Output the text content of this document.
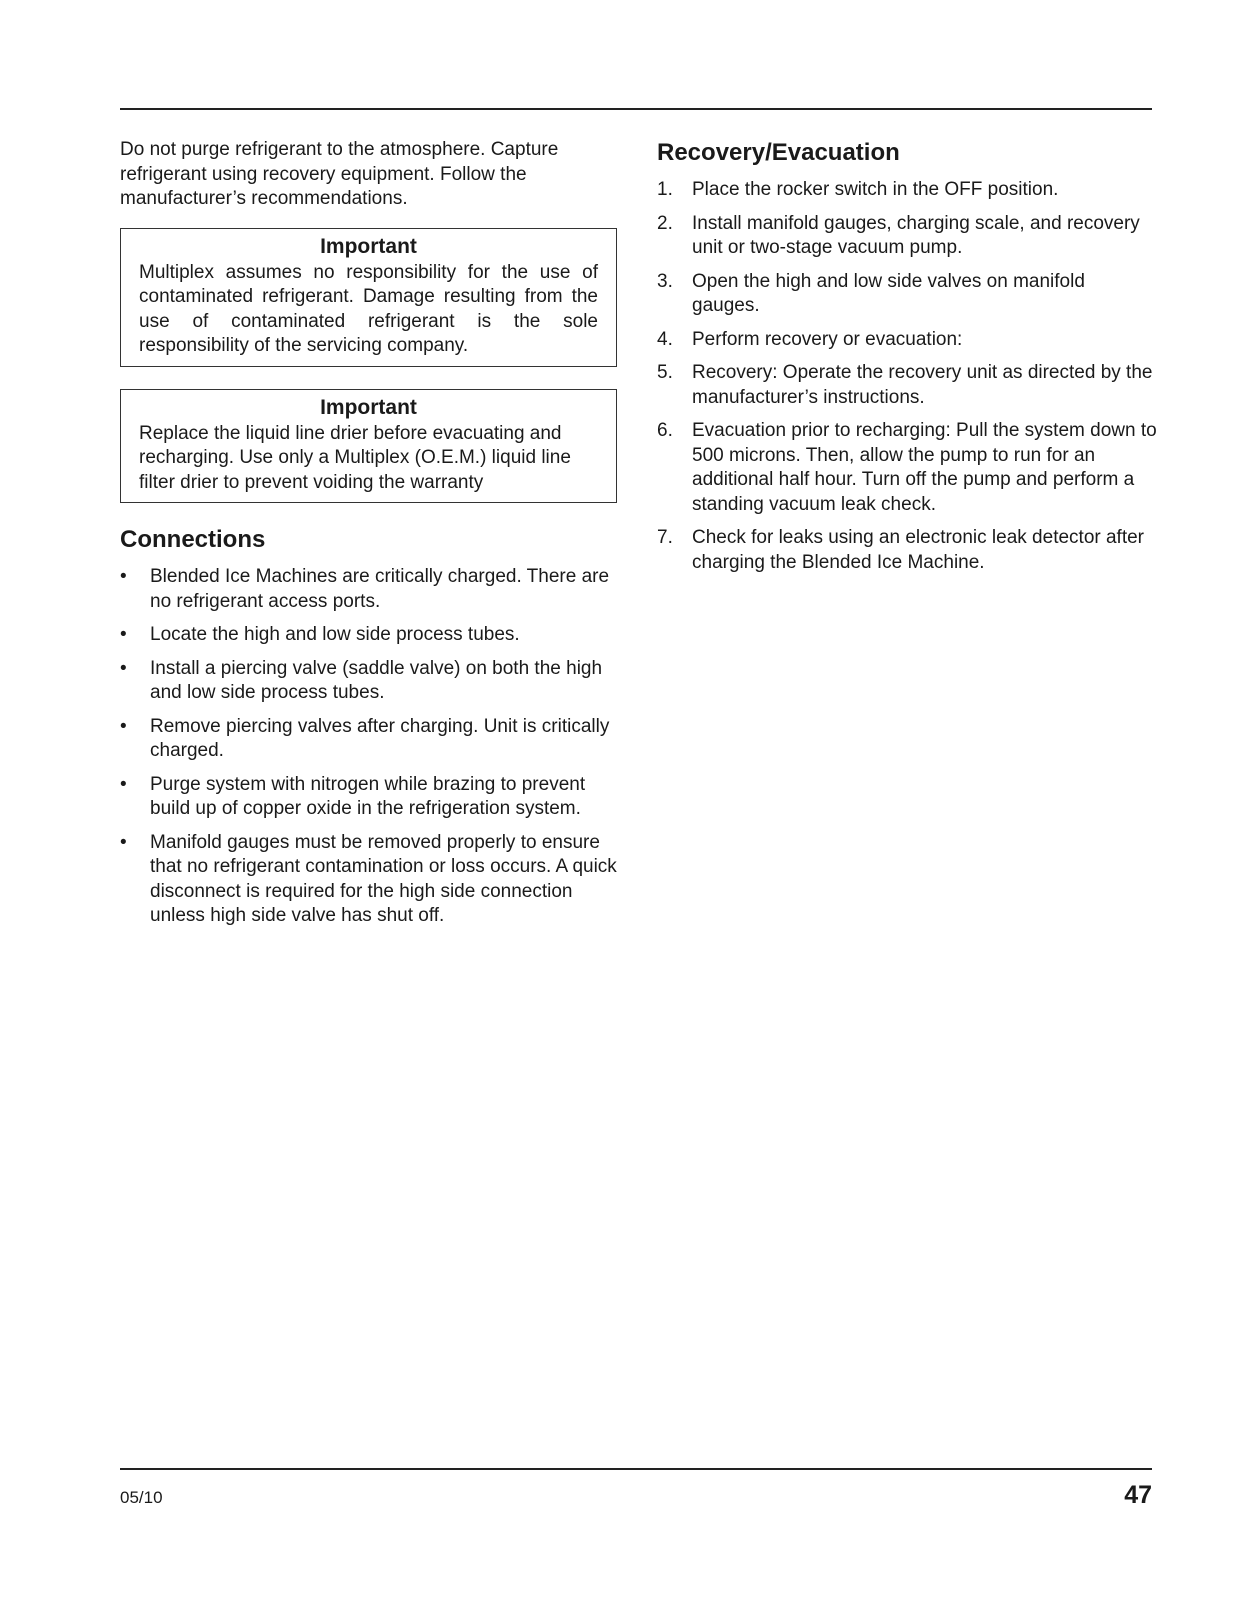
Do not purge refrigerant to the atmosphere. Capture refrigerant using recovery equipment. Follow the manufacturer’s recommendations.

Important
Multiplex assumes no responsibility for the use of contaminated refrigerant. Damage resulting from the use of contaminated refrigerant is the sole responsibility of the servicing company.
Important
Replace the liquid line drier before evacuating and recharging. Use only a Multiplex (O.E.M.) liquid line filter drier to prevent voiding the warranty
Connections
•	Blended Ice Machines are critically charged. There are no refrigerant access ports.
•	Locate the high and low side process tubes.
•	Install a piercing valve (saddle valve) on both the high and low side process tubes.
•	Remove piercing valves after charging. Unit is critically charged.
•	Purge system with nitrogen while brazing to prevent build up of copper oxide in the refrigeration system.
•	Manifold gauges must be removed properly to ensure that no refrigerant contamination or loss occurs. A quick disconnect is required for the high side connection unless high side valve has shut off.
Recovery/Evacuation
1.	Place the rocker switch in the OFF position.
2.	Install manifold gauges, charging scale, and recovery unit or two-stage vacuum pump.
3.	Open the high and low side valves on manifold gauges.
4.	Perform recovery or evacuation:
5.	Recovery: Operate the recovery unit as directed by the manufacturer’s instructions.
6.	Evacuation prior to recharging: Pull the system down to 500 microns. Then, allow the pump to run for an additional half hour. Turn off the pump and perform a standing vacuum leak check.
7.	Check for leaks using an electronic leak detector after charging the Blended Ice Machine.
05/10	47
